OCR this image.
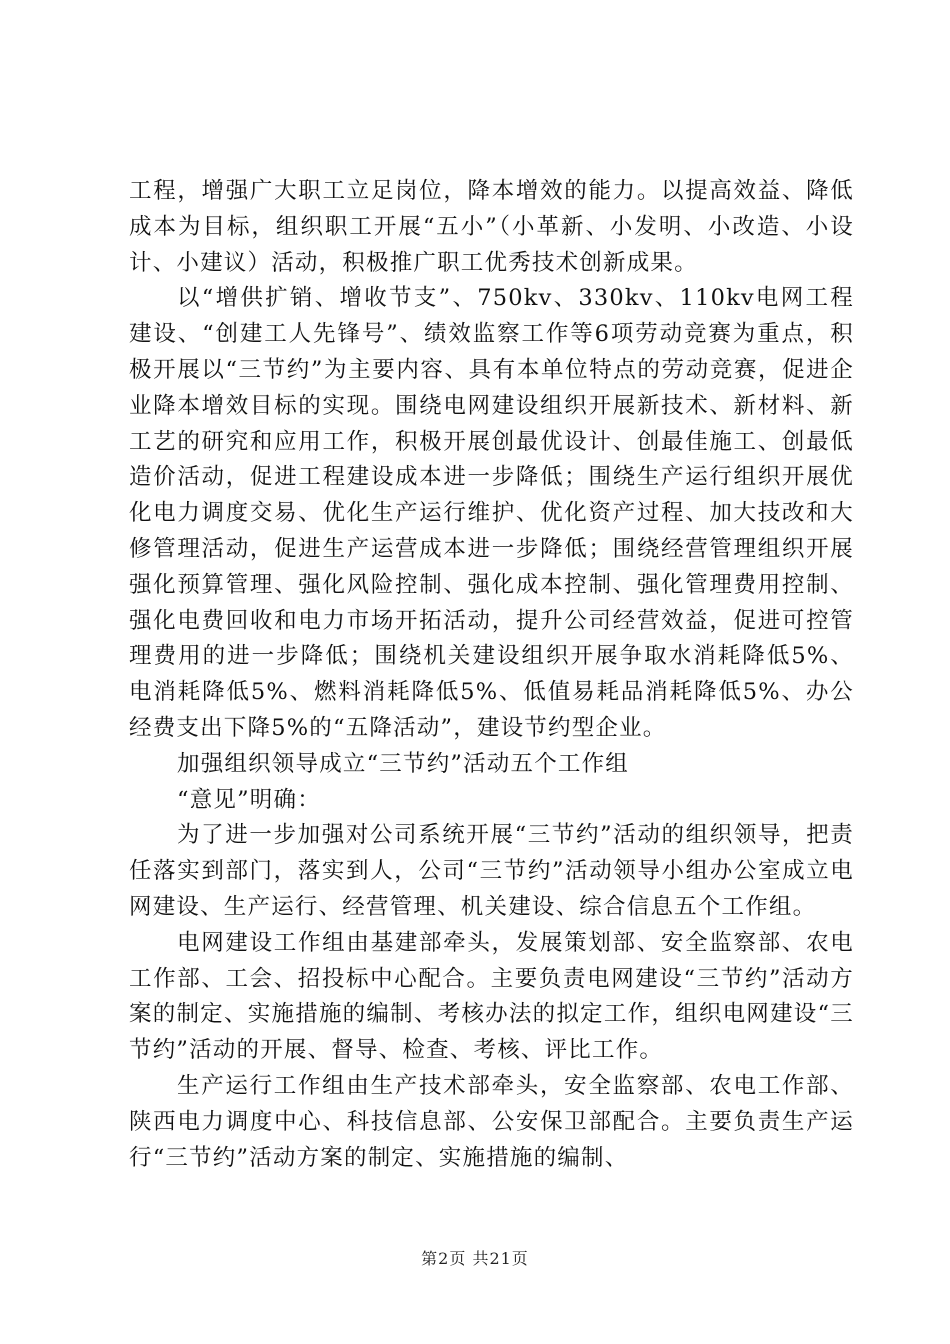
工程，增强广大职工立足岗位，降本增效的能力。以提高效益、降低成本为目标，组织职工开展“五小”（小革新、小发明、小改造、小设计、小建议）活动，积极推广职工优秀技术创新成果。

以“增供扩销、增收节支”、750kv、330kv、110kv电网工程建设、“创建工人先锋号”、绩效监察工作等6项劳动竞赛为重点，积极开展以“三节约”为主要内容、具有本单位特点的劳动竞赛，促进企业降本增效目标的实现。围绕电网建设组织开展新技术、新材料、新工艺的研究和应用工作，积极开展创最优设计、创最佳施工、创最低造价活动，促进工程建设成本进一步降低；围绕生产运行组织开展优化电力调度交易、优化生产运行维护、优化资产过程、加大技改和大修管理活动，促进生产运营成本进一步降低；围绕经营管理组织开展强化预算管理、强化风险控制、强化成本控制、强化管理费用控制、强化电费回收和电力市场开拓活动，提升公司经营效益，促进可控管理费用的进一步降低；围绕机关建设组织开展争取水消耗降低5%、电消耗降低5%、燃料消耗降低5%、低值易耗品消耗降低5%、办公经费支出下降5%的“五降活动”，建设节约型企业。

加强组织领导成立“三节约”活动五个工作组

“意见”明确：

为了进一步加强对公司系统开展“三节约”活动的组织领导，把责任落实到部门，落实到人，公司“三节约”活动领导小组办公室成立电网建设、生产运行、经营管理、机关建设、综合信息五个工作组。

电网建设工作组由基建部牵头，发展策划部、安全监察部、农电工作部、工会、招投标中心配合。主要负责电网建设“三节约”活动方案的制定、实施措施的编制、考核办法的拟定工作，组织电网建设“三节约”活动的开展、督导、检查、考核、评比工作。

生产运行工作组由生产技术部牵头，安全监察部、农电工作部、陕西电力调度中心、科技信息部、公安保卫部配合。主要负责生产运行“三节约”活动方案的制定、实施措施的编制、

第2页 共21页
